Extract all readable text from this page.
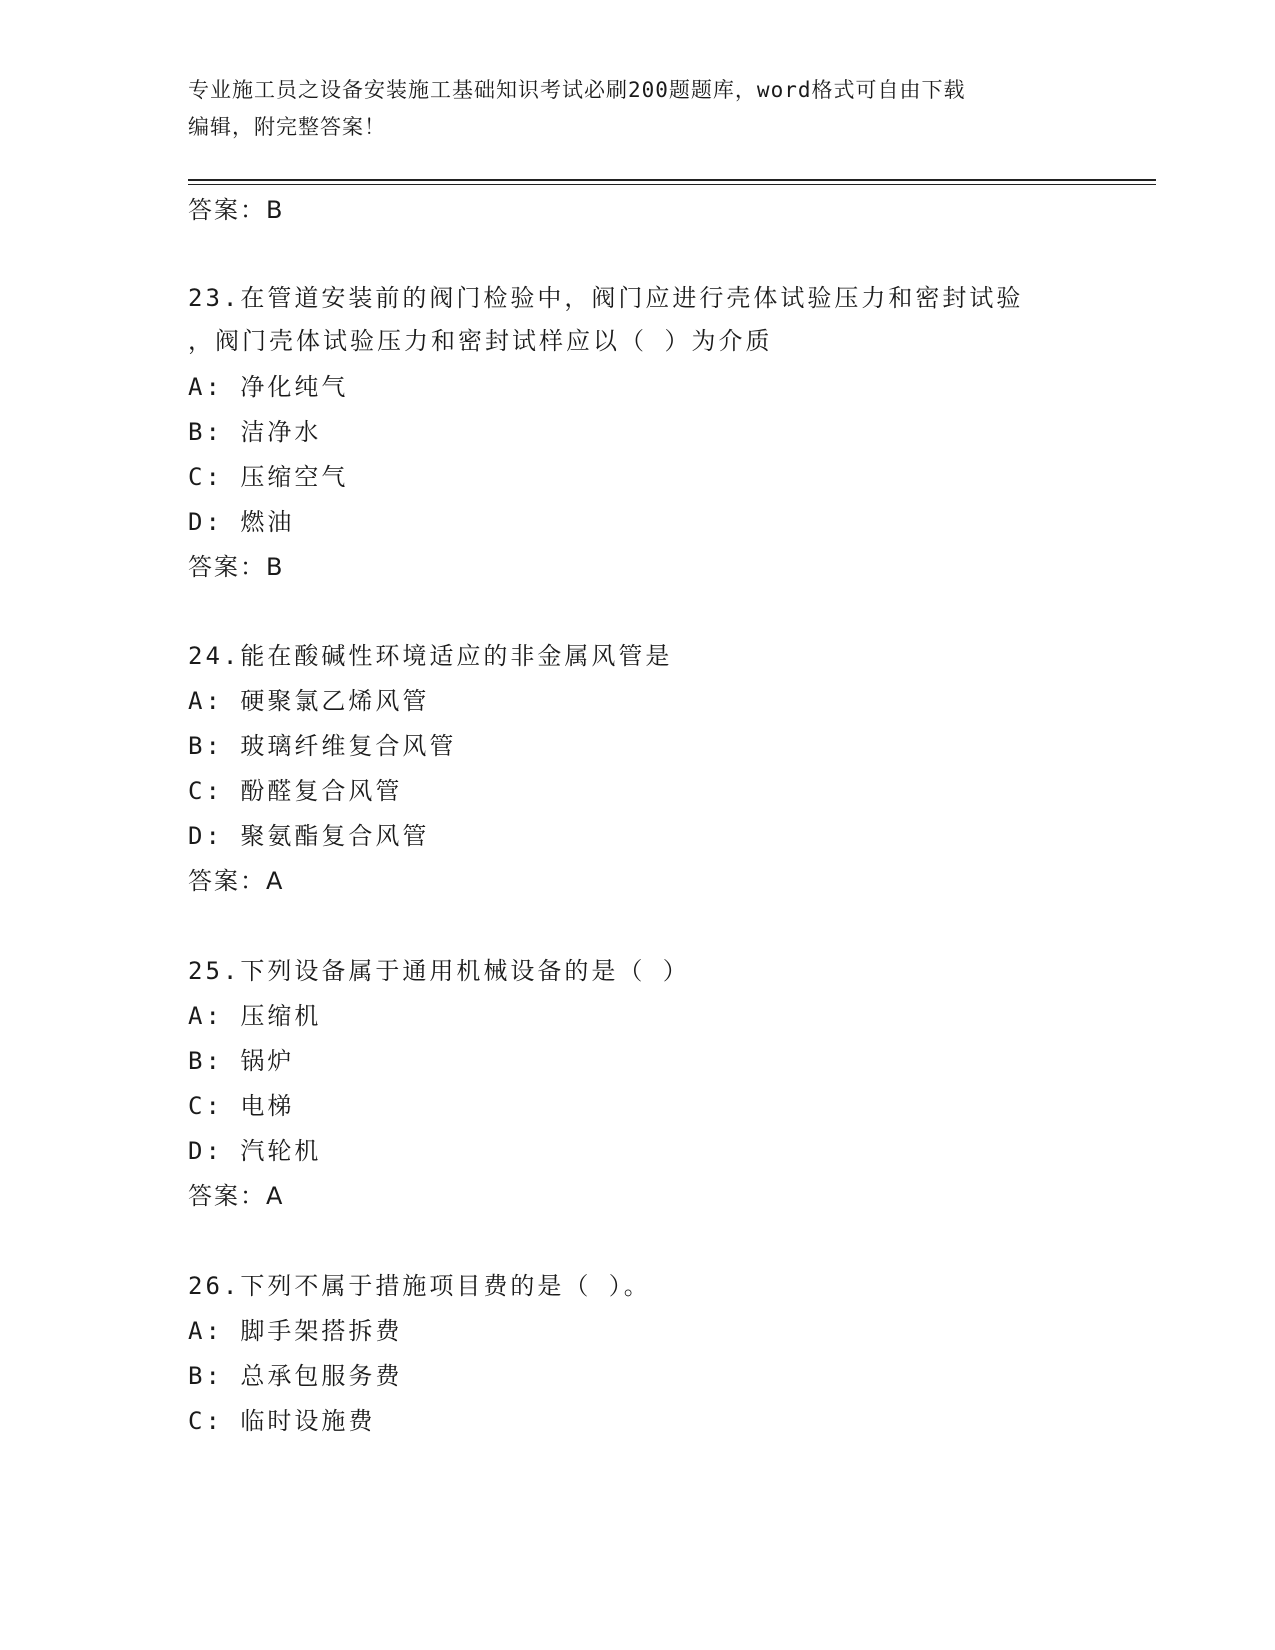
专业施工员之设备安装施工基础知识考试必刷200题题库，word格式可自由下载
编辑，附完整答案！
答案：B
23.在管道安装前的阀门检验中，阀门应进行壳体试验压力和密封试验
，阀门壳体试验压力和密封试样应以（ ）为介质
A: 净化纯气
B: 洁净水
C: 压缩空气
D: 燃油
答案：B
24.能在酸碱性环境适应的非金属风管是
A: 硬聚氯乙烯风管
B: 玻璃纤维复合风管
C: 酚醛复合风管
D: 聚氨酯复合风管
答案：A
25.下列设备属于通用机械设备的是（ ）
A: 压缩机
B: 锅炉
C: 电梯
D: 汽轮机
答案：A
26.下列不属于措施项目费的是（ ）。
A: 脚手架搭拆费
B: 总承包服务费
C: 临时设施费
